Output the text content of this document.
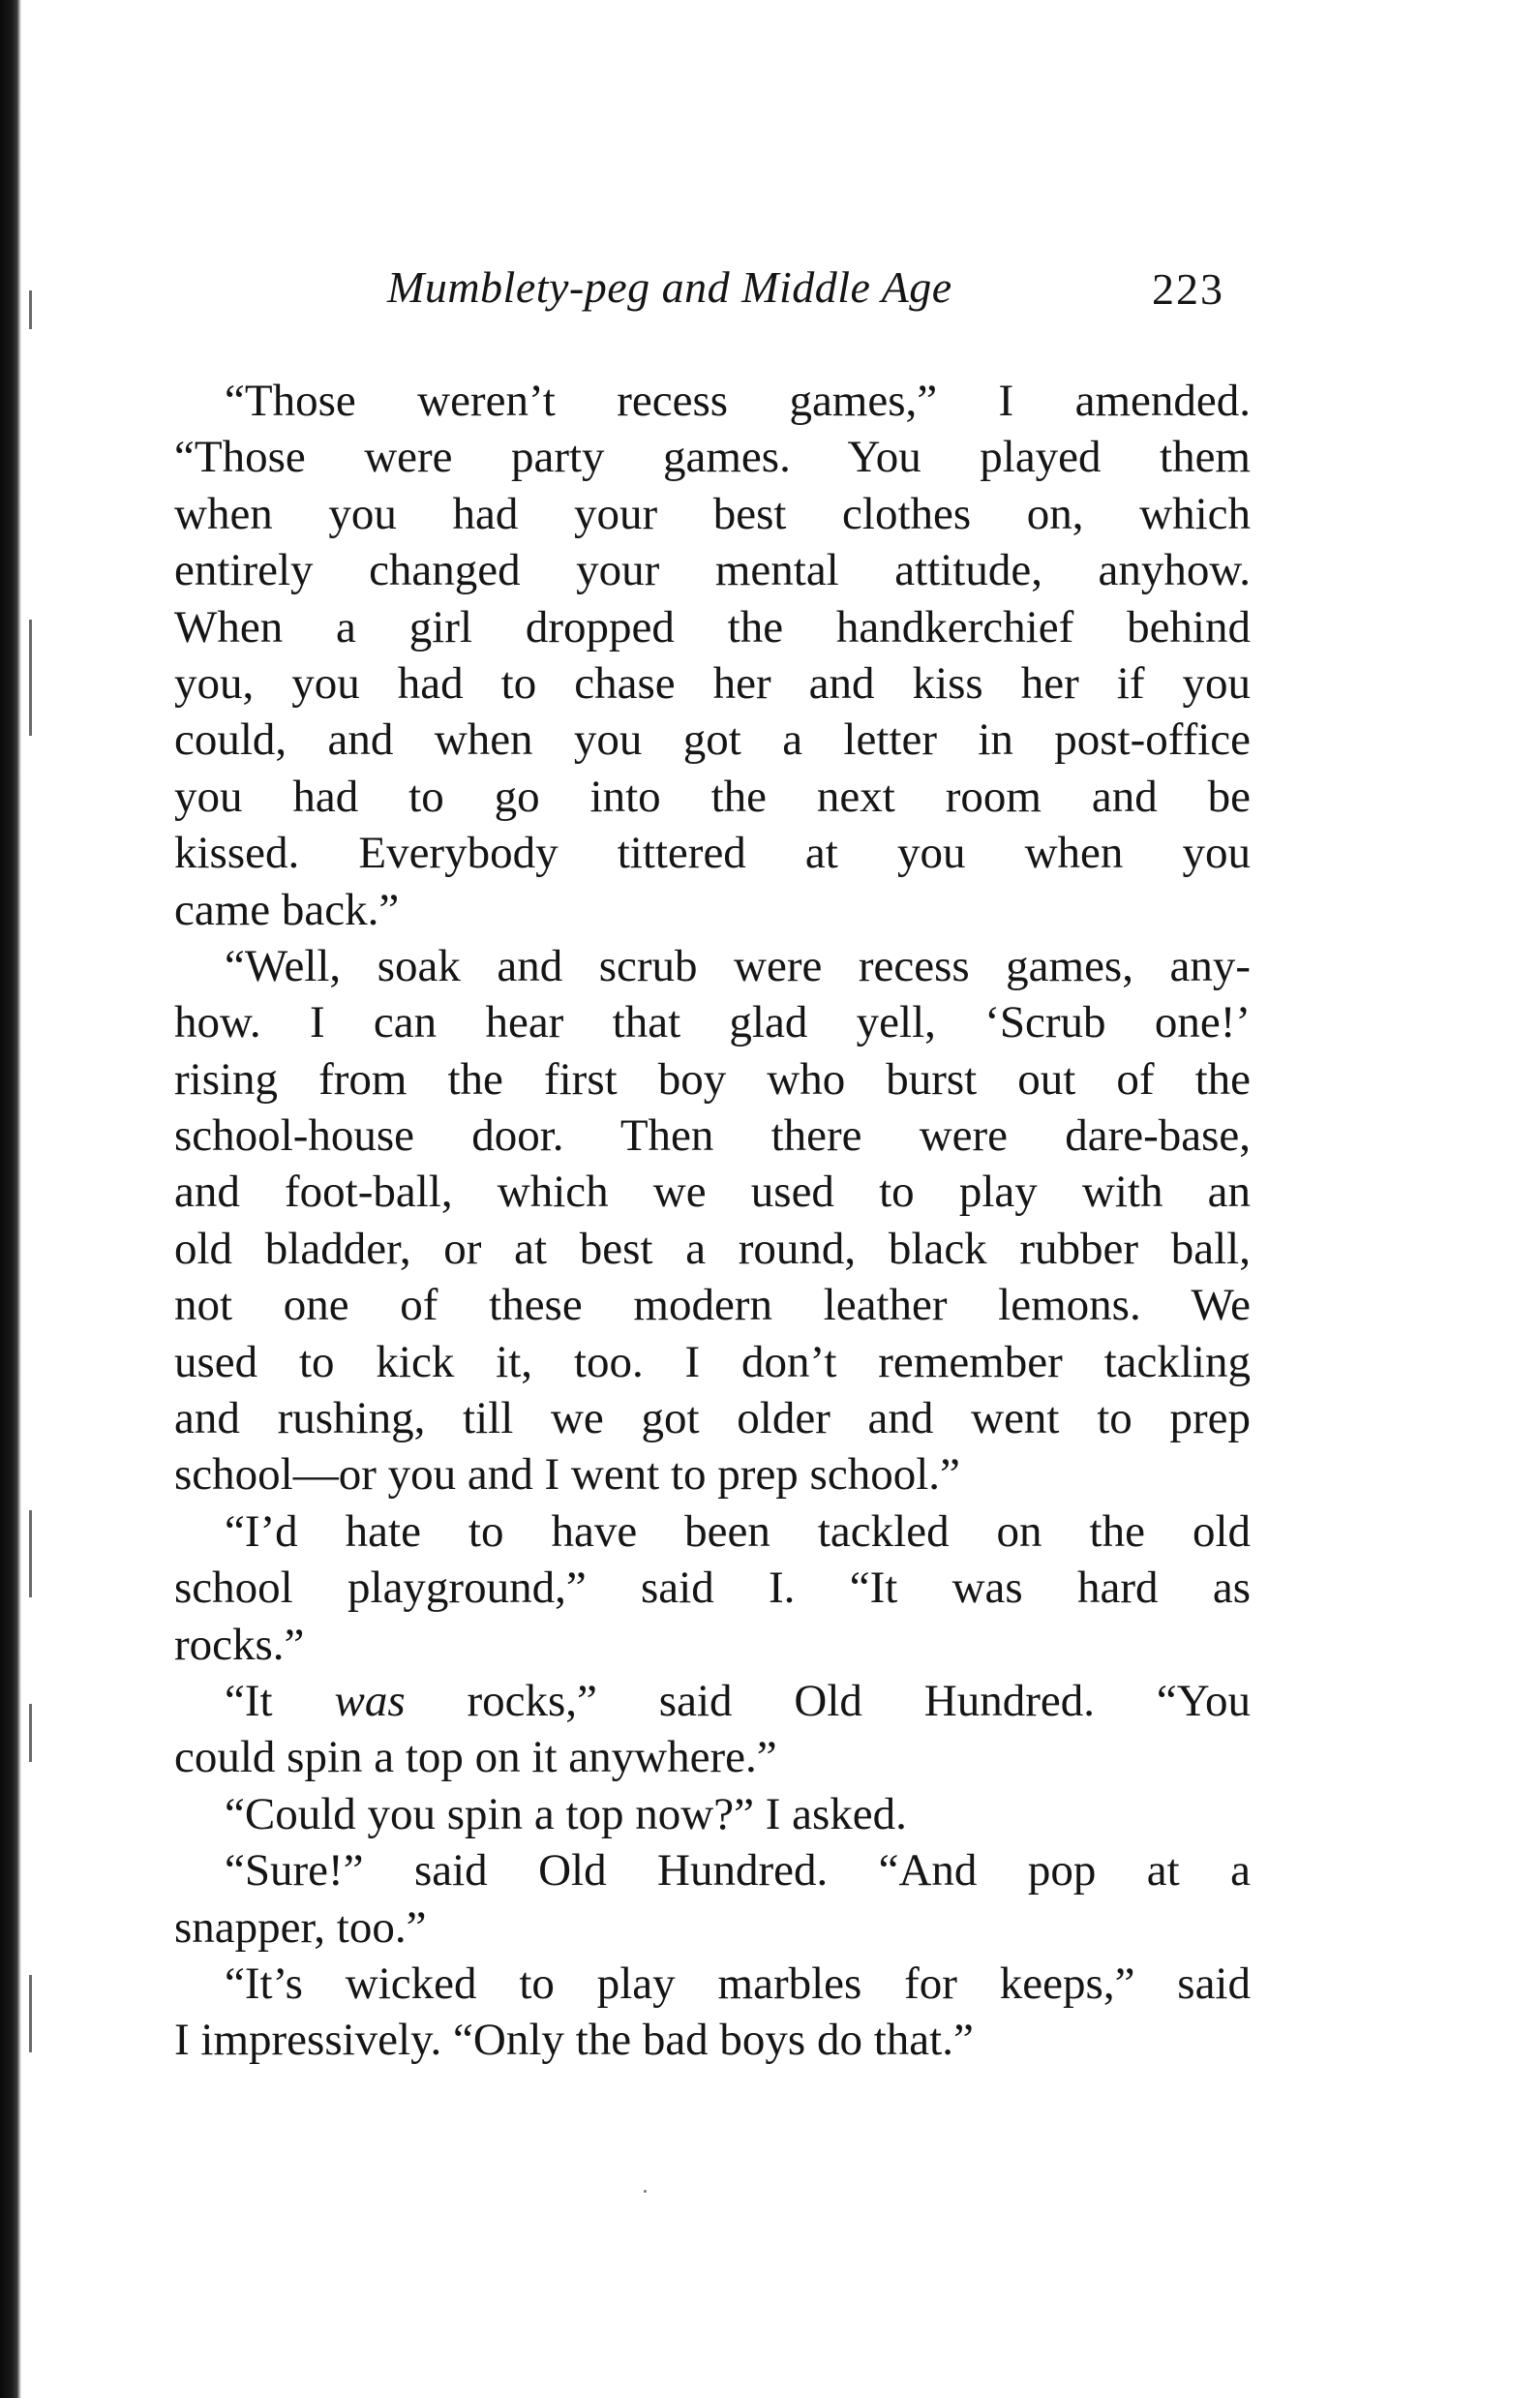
Mumblety-peg and Middle Age	223
“Those weren’t recess games,” I amended.
“Those were party games. You played them
when you had your best clothes on, which
entirely changed your mental attitude, anyhow.
When a girl dropped the handkerchief behind
you, you had to chase her and kiss her if you
could, and when you got a letter in post-office
you had to go into the next room and be
kissed. Everybody tittered at you when you
came back.”
“Well, soak and scrub were recess games, any-
how. I can hear that glad yell, ‘Scrub one!’
rising from the first boy who burst out of the
school-house door. Then there were dare-base,
and foot-ball, which we used to play with an
old bladder, or at best a round, black rubber ball,
not one of these modern leather lemons. We
used to kick it, too. I don’t remember tackling
and rushing, till we got older and went to prep
school—or you and I went to prep school.”
“I’d hate to have been tackled on the old
school playground,” said I. “It was hard as
rocks.”
“It was rocks,” said Old Hundred. “You
could spin a top on it anywhere.”
“Could you spin a top now?” I asked.
“Sure!” said Old Hundred. “And pop at a
snapper, too.”
“It’s wicked to play marbles for keeps,” said
I impressively. “Only the bad boys do that.”
